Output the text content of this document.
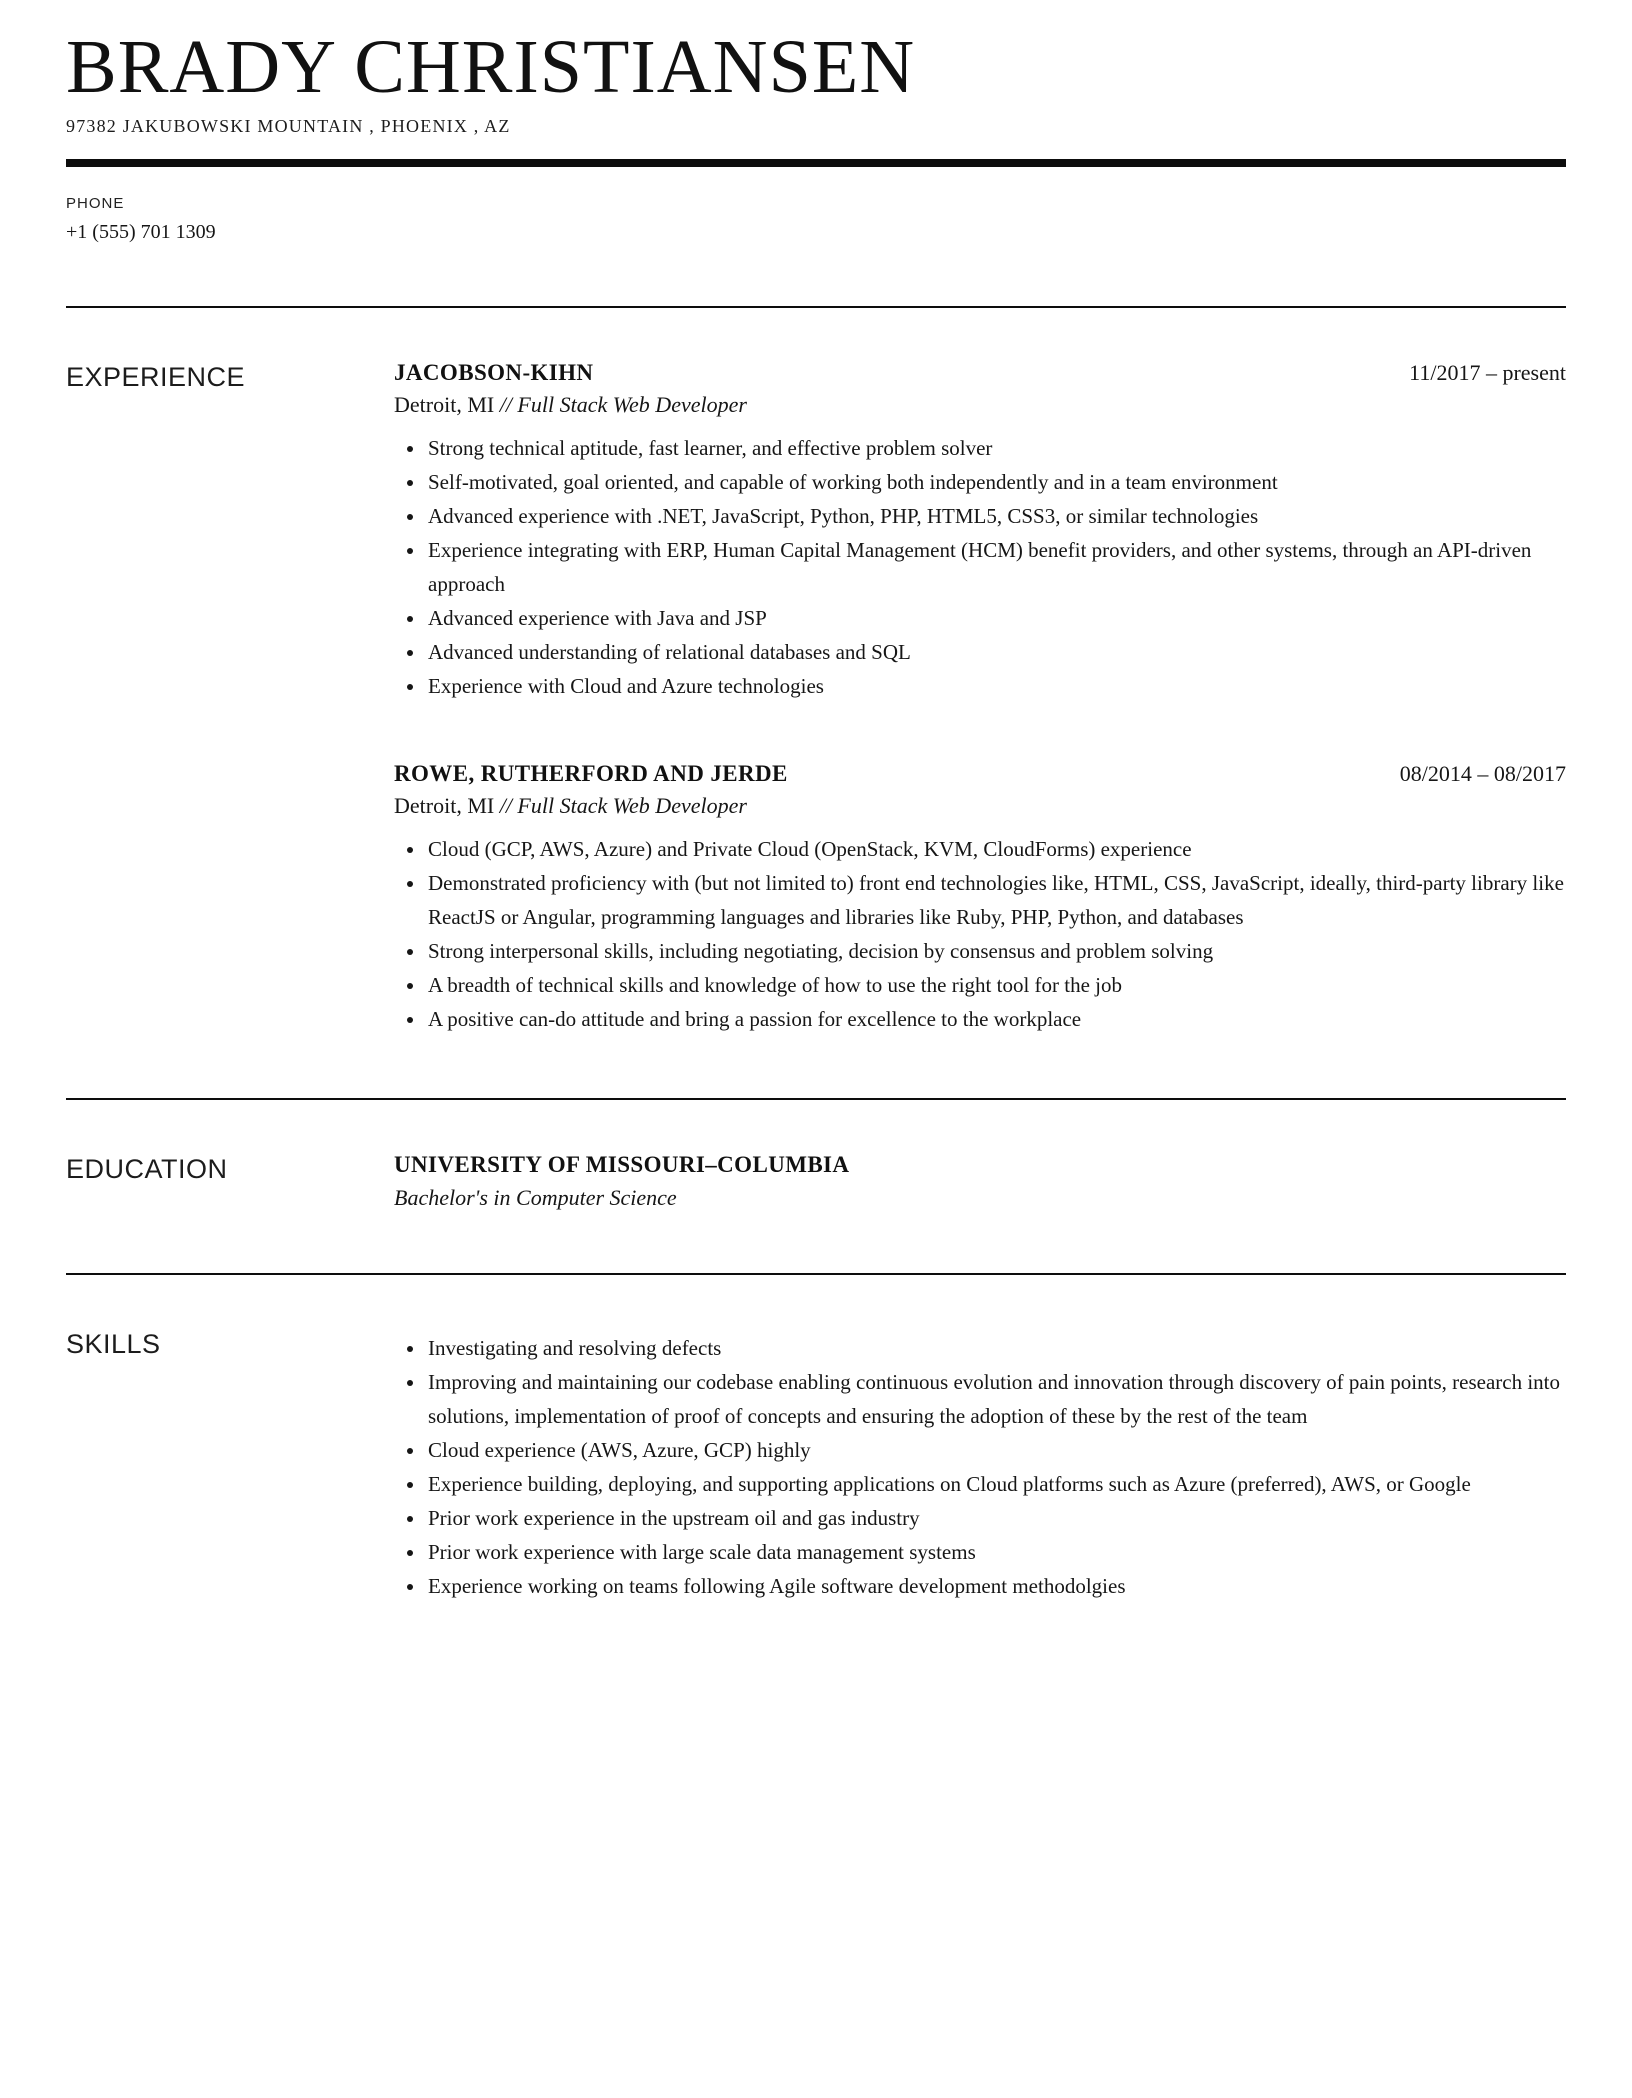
BRADY CHRISTIANSEN
97382 JAKUBOWSKI MOUNTAIN , PHOENIX , AZ
PHONE
+1 (555) 701 1309
EXPERIENCE	JACOBSON-KIHN	11/2017 – present
Detroit, MI // Full Stack Web Developer
• Strong technical aptitude, fast learner, and effective problem solver
• Self-motivated, goal oriented, and capable of working both independently and in a team environment
• Advanced experience with .NET, JavaScript, Python, PHP, HTML5, CSS3, or similar technologies
• Experience integrating with ERP, Human Capital Management (HCM) benefit providers, and other systems, through an API-driven approach
• Advanced experience with Java and JSP
• Advanced understanding of relational databases and SQL
• Experience with Cloud and Azure technologies
ROWE, RUTHERFORD AND JERDE	08/2014 – 08/2017
Detroit, MI // Full Stack Web Developer
• Cloud (GCP, AWS, Azure) and Private Cloud (OpenStack, KVM, CloudForms) experience
• Demonstrated proficiency with (but not limited to) front end technologies like, HTML, CSS, JavaScript, ideally, third-party library like ReactJS or Angular, programming languages and libraries like Ruby, PHP, Python, and databases
• Strong interpersonal skills, including negotiating, decision by consensus and problem solving
• A breadth of technical skills and knowledge of how to use the right tool for the job
• A positive can-do attitude and bring a passion for excellence to the workplace
EDUCATION	UNIVERSITY OF MISSOURI–COLUMBIA
Bachelor's in Computer Science
SKILLS	• Investigating and resolving defects
• Improving and maintaining our codebase enabling continuous evolution and innovation through discovery of pain points, research into solutions, implementation of proof of concepts and ensuring the adoption of these by the rest of the team
• Cloud experience (AWS, Azure, GCP) highly
• Experience building, deploying, and supporting applications on Cloud platforms such as Azure (preferred), AWS, or Google
• Prior work experience in the upstream oil and gas industry
• Prior work experience with large scale data management systems
• Experience working on teams following Agile software development methodolgies
